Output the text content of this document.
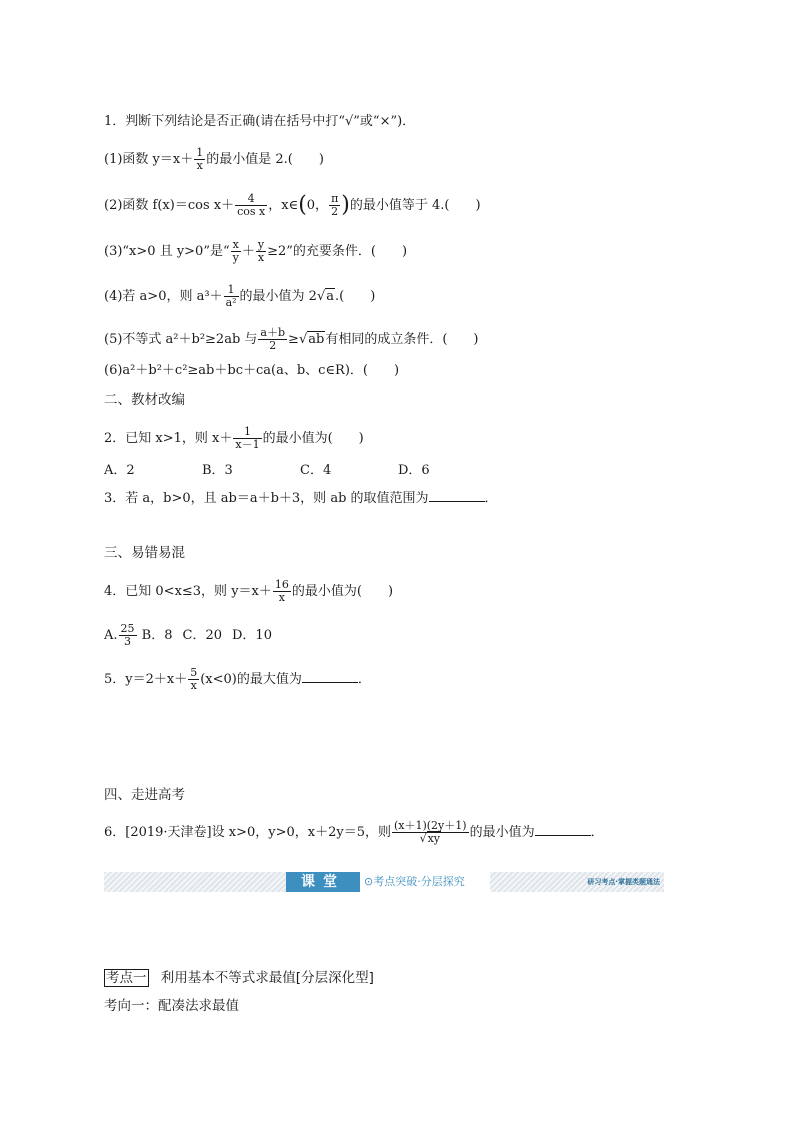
1．判断下列结论是否正确(请在括号中打“√”或“×”)．
(1)函数 $y=x+ \frac{1}{x}$ 的最小值是 2.(　　)
(2)函数 f(x)＝cos $x+ \frac{4}{\text{cos x}}$ ，x∈(0， $\frac{\pi}{2}$ )的最小值等于 4.(　　)
(3)“x>0 且 y>0”是“ $\frac{x}{y} + \frac{y}{x} \ge 2$”的充要条件．(　　)
(4)若 a>0，则 $a^3+ \frac{1}{\text{a²}}$ 的最小值为 2√a.(　　)
(5)不等式 a²＋b²≥2ab 与 $\frac{a+b}{2} \ge√ab$有相同的成立条件．(　　)
(6)a²＋b²＋c²≥ab＋bc＋ca(a、b、c∈R)．(　　)
二、教材改编
2．已知 x>1，则 $x+ \frac{1}{x-1}$ 的最小值为(　　)
A．2	B．3	C．4	D．6
3．若 a，b>0，且 ab＝a＋b＋3，则 ab 的取值范围为	．
三、易错易混
4．已知 0<x≤3，则 $y=x+ \frac{16}{x}$ 的最小值为(　　)
A. $\frac{25}{3}$ B．8 C．20 D．10
5．$y=2+x+ \frac{5}{x} (x<0)$的最大值为	．
四、走进高考
6．[2019·天津卷]设 x>0，y>0，x＋2y＝5，则 $\frac{(x+1)(2y+1)}{√xy}$ 的最小值为	．
课堂	⊙考点突破·分层探究	研习考点·掌握类题通法
考点一 利用基本不等式求最值[分层深化型]
考向一：配凑法求最值
